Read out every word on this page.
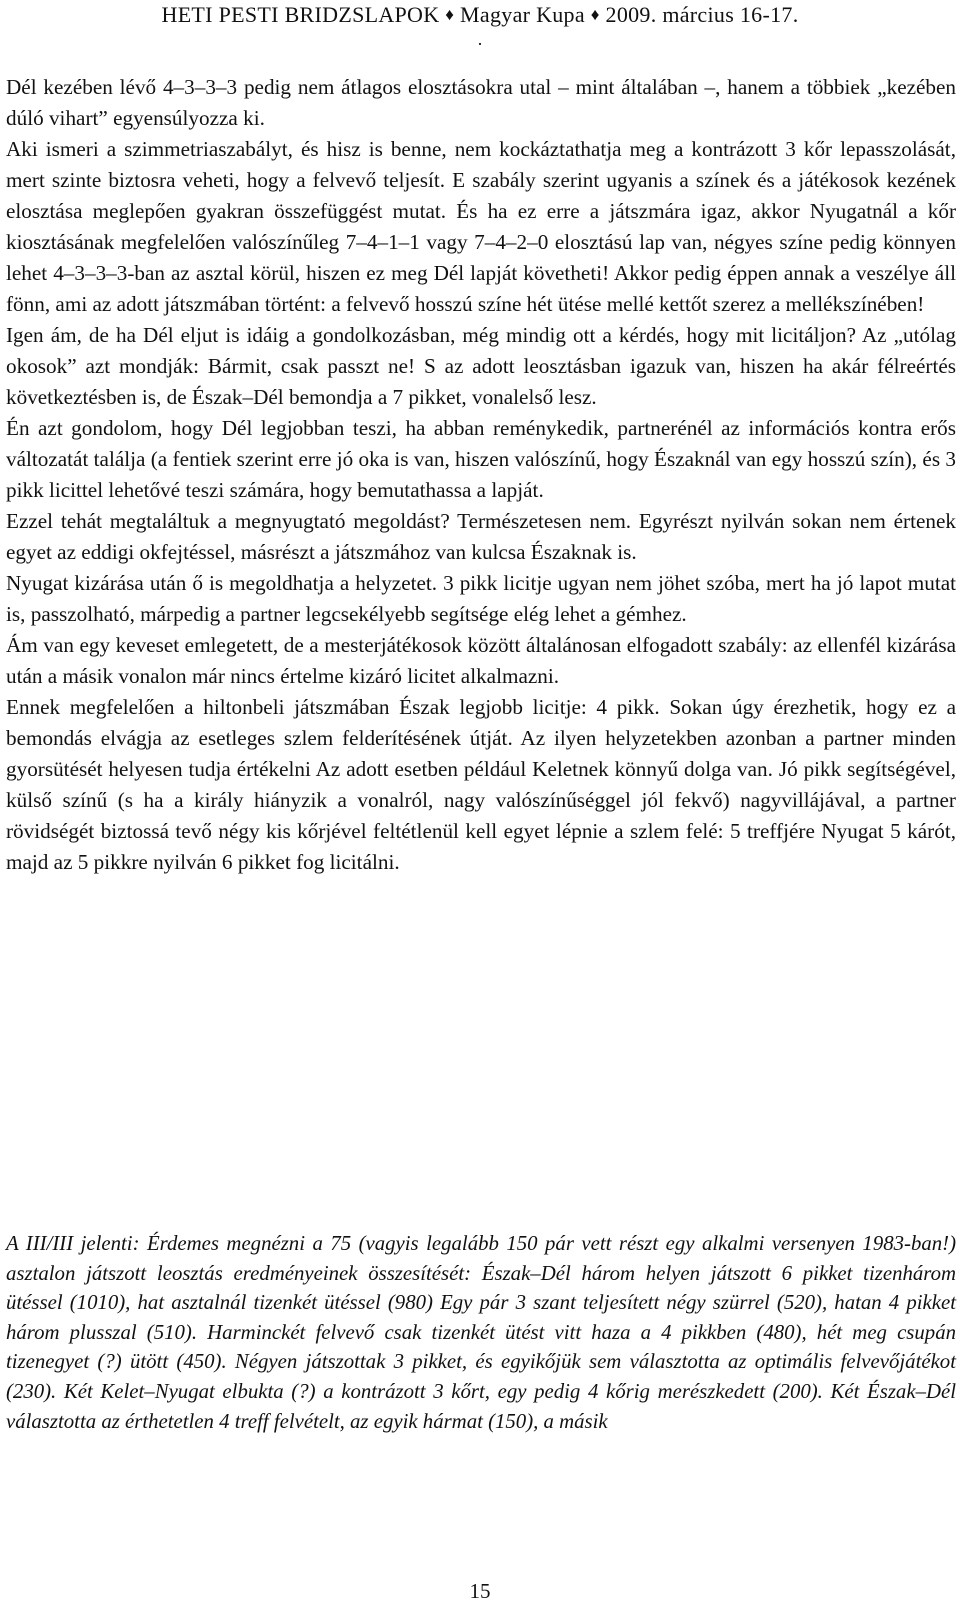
HETI PESTI BRIDZSLAPOK ♦ Magyar Kupa ♦ 2009. március 16-17.
.

Dél kezében lévő 4–3–3–3 pedig nem átlagos elosztásokra utal – mint általában –, hanem a többiek „kezében dúló vihart” egyensúlyozza ki.

Aki ismeri a szimmetriaszabályt, és hisz is benne, nem kockáztathatja meg a kontrázott 3 kőr lepasszolását, mert szinte biztosra veheti, hogy a felvevő teljesít. E szabály szerint ugyanis a színek és a játékosok kezének elosztása meglepően gyakran összefüggést mutat. És ha ez erre a játszmára igaz, akkor Nyugatnál a kőr kiosztásának megfelelően valószínűleg 7–4–1–1 vagy 7–4–2–0 elosztású lap van, négyes színe pedig könnyen lehet 4–3–3–3-ban az asztal körül, hiszen ez meg Dél lapját követheti! Akkor pedig éppen annak a veszélye áll fönn, ami az adott játszmában történt: a felvevő hosszú színe hét ütése mellé kettőt szerez a mellékszínében!

Igen ám, de ha Dél eljut is idáig a gondolkozásban, még mindig ott a kérdés, hogy mit licitáljon? Az „utólag okosok” azt mondják: Bármit, csak passzt ne! S az adott leosztásban igazuk van, hiszen ha akár félreértés következtésben is, de Észak–Dél bemondja a 7 pikket, vonalelső lesz.

Én azt gondolom, hogy Dél legjobban teszi, ha abban reménykedik, partnerénél az információs kontra erős változatát találja (a fentiek szerint erre jó oka is van, hiszen valószínű, hogy Északnál van egy hosszú szín), és 3 pikk licittel lehetővé teszi számára, hogy bemutathassa a lapját.

Ezzel tehát megtaláltuk a megnyugtató megoldást? Természetesen nem. Egyrészt nyilván sokan nem értenek egyet az eddigi okfejtéssel, másrészt a játszmához van kulcsa Északnak is.

Nyugat kizárása után ő is megoldhatja a helyzetet. 3 pikk licitje ugyan nem jöhet szóba, mert ha jó lapot mutat is, passzolható, márpedig a partner legcsekélyebb segítsége elég lehet a gémhez.

Ám van egy keveset emlegetett, de a mesterjátékosok között általánosan elfogadott szabály: az ellenfél kizárása után a másik vonalon már nincs értelme kizáró licitet alkalmazni.

Ennek megfelelően a hiltonbeli játszmában Észak legjobb licitje: 4 pikk. Sokan úgy érezhetik, hogy ez a bemondás elvágja az esetleges szlem felderítésének útját. Az ilyen helyzetekben azonban a partner minden gyorsütését helyesen tudja értékelni Az adott esetben például Keletnek könnyű dolga van. Jó pikk segítségével, külső színű (s ha a király hiányzik a vonalról, nagy valószínűséggel jól fekvő) nagyvillájával, a partner rövidségét biztossá tevő négy kis kőrjével feltétlenül kell egyet lépnie a szlem felé: 5 treffjére Nyugat 5 kárót, majd az 5 pikkre nyilván 6 pikket fog licitálni.

A III/III jelenti: Érdemes megnézni a 75 (vagyis legalább 150 pár vett részt egy alkalmi versenyen 1983-ban!) asztalon játszott leosztás eredményeinek összesítését: Észak–Dél három helyen játszott 6 pikket tizenhárom ütéssel (1010), hat asztalnál tizenkét ütéssel (980) Egy pár 3 szant teljesített négy szürrel (520), hatan 4 pikket három plusszal (510). Harminckét felvevő csak tizenkét ütést vitt haza a 4 pikkben (480), hét meg csupán tizenegyet (?) ütött (450). Négyen játszottak 3 pikket, és egyikőjük sem választotta az optimális felvevőjátékot (230). Két Kelet–Nyugat elbukta (?) a kontrázott 3 kőrt, egy pedig 4 kőrig merészkedett (200). Két Észak–Dél választotta az érthetetlen 4 treff felvételt, az egyik hármat (150), a másik

15
